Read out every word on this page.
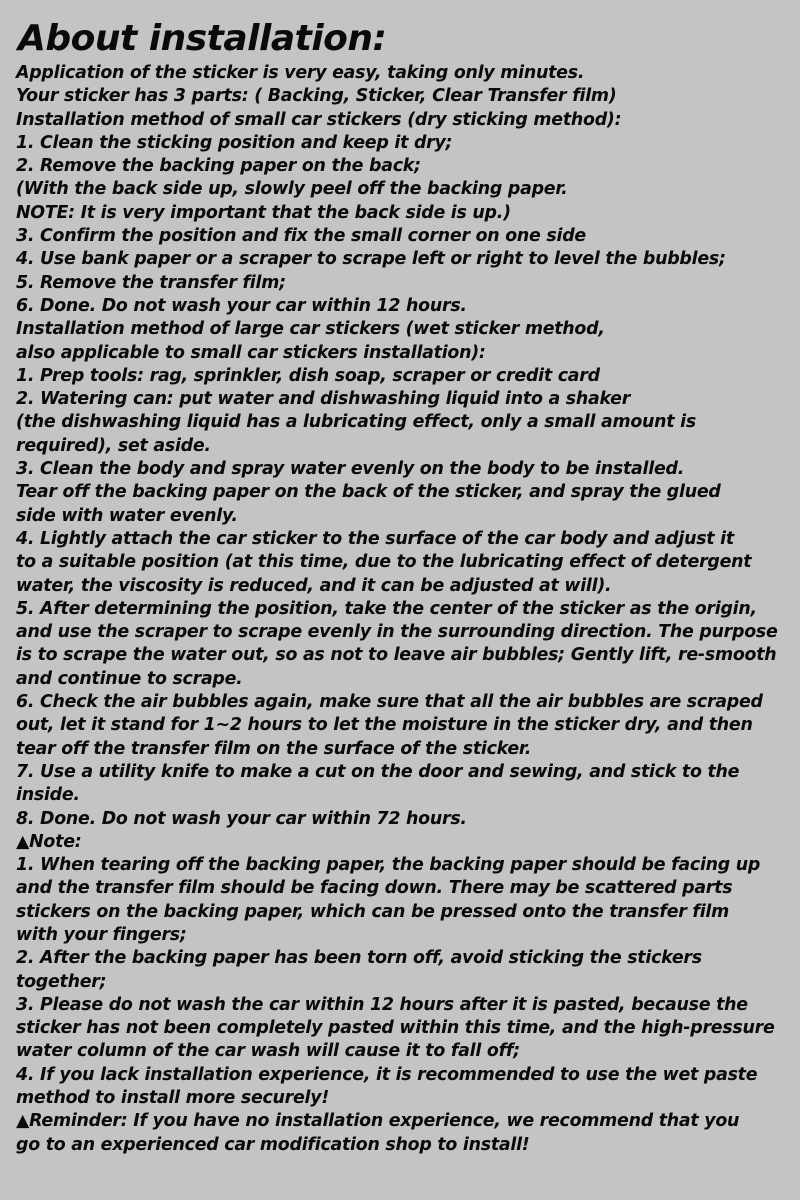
About installation:
Application of the sticker is very easy, taking only minutes.
Your sticker has 3 parts: ( Backing, Sticker, Clear Transfer film)
Installation method of small car stickers (dry sticking method):
1. Clean the sticking position and keep it dry;
2. Remove the backing paper on the back;
(With the back side up, slowly peel off the backing paper.
NOTE: It is very important that the back side is up.)
3. Confirm the position and fix the small corner on one side
4. Use bank paper or a scraper to scrape left or right to level the bubbles;
5. Remove the transfer film;
6. Done. Do not wash your car within 12 hours.
Installation method of large car stickers (wet sticker method,
also applicable to small car stickers installation):
1. Prep tools: rag, sprinkler, dish soap, scraper or credit card
2. Watering can: put water and dishwashing liquid into a shaker
(the dishwashing liquid has a lubricating effect, only a small amount is
required), set aside.
3. Clean the body and spray water evenly on the body to be installed.
Tear off the backing paper on the back of the sticker, and spray the glued
side with water evenly.
4. Lightly attach the car sticker to the surface of the car body and adjust it
to a suitable position (at this time, due to the lubricating effect of detergent
water, the viscosity is reduced, and it can be adjusted at will).
5. After determining the position, take the center of the sticker as the origin,
and use the scraper to scrape evenly in the surrounding direction. The purpose
is to scrape the water out, so as not to leave air bubbles; Gently lift, re-smooth
and continue to scrape.
6. Check the air bubbles again, make sure that all the air bubbles are scraped
out, let it stand for 1~2 hours to let the moisture in the sticker dry, and then
tear off the transfer film on the surface of the sticker.
7. Use a utility knife to make a cut on the door and sewing, and stick to the
inside.
8. Done. Do not wash your car within 72 hours.
▲Note:
1. When tearing off the backing paper, the backing paper should be facing up
and the transfer film should be facing down. There may be scattered parts
stickers on the backing paper, which can be pressed onto the transfer film
with your fingers;
2. After the backing paper has been torn off, avoid sticking the stickers
together;
3. Please do not wash the car within 12 hours after it is pasted, because the
sticker has not been completely pasted within this time, and the high-pressure
water column of the car wash will cause it to fall off;
4. If you lack installation experience, it is recommended to use the wet paste
method to install more securely!
▲Reminder: If you have no installation experience, we recommend that you
go to an experienced car modification shop to install!
